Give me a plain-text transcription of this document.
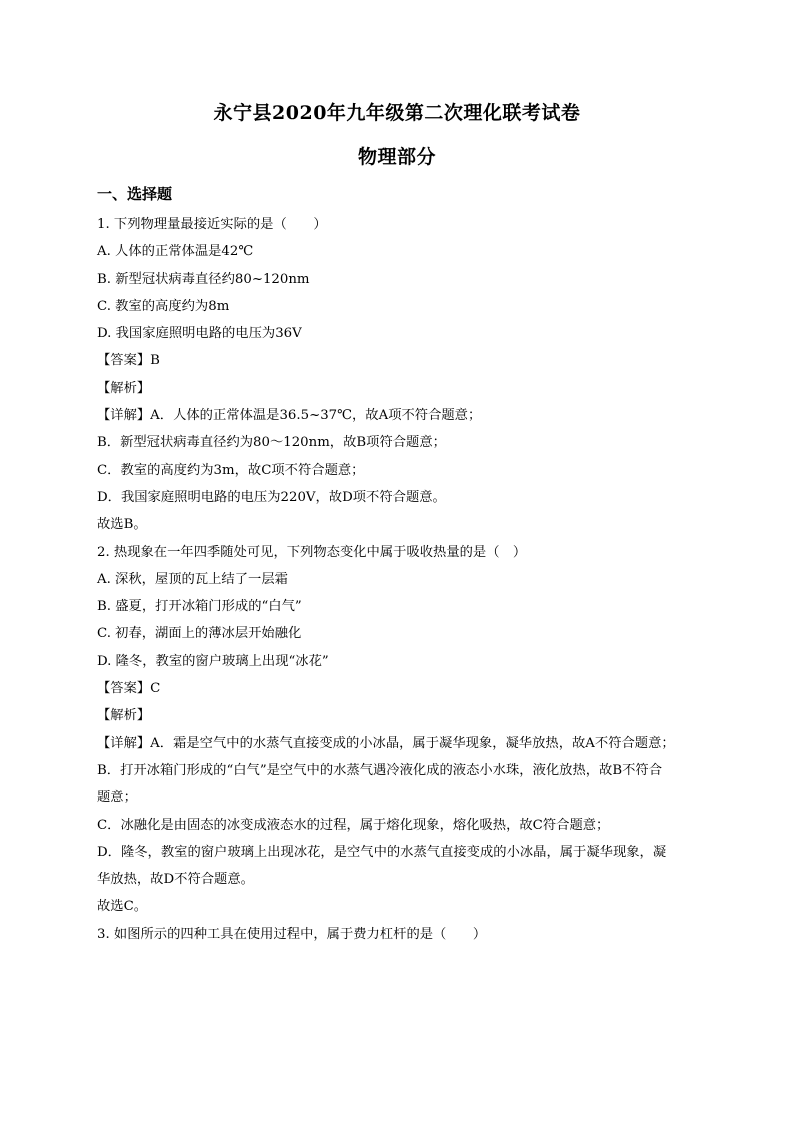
永宁县2020年九年级第二次理化联考试卷
物理部分
一、选择题
1. 下列物理量最接近实际的是（　　）
A. 人体的正常体温是42℃
B. 新型冠状病毒直径约80~120nm
C. 教室的高度约为8m
D. 我国家庭照明电路的电压为36V
【答案】B
【解析】
【详解】A．人体的正常体温是36.5~37℃，故A项不符合题意；
B．新型冠状病毒直径约为80～120nm，故B项符合题意；
C．教室的高度约为3m，故C项不符合题意；
D．我国家庭照明电路的电压为220V，故D项不符合题意。
故选B。
2. 热现象在一年四季随处可见，下列物态变化中属于吸收热量的是（　）
A. 深秋，屋顶的瓦上结了一层霜
B. 盛夏，打开冰箱门形成的“白气”
C. 初春，湖面上的薄冰层开始融化
D. 隆冬，教室的窗户玻璃上出现“冰花”
【答案】C
【解析】
【详解】A．霜是空气中的水蒸气直接变成的小冰晶，属于凝华现象，凝华放热，故A不符合题意；
B．打开冰箱门形成的“白气”是空气中的水蒸气遇冷液化成的液态小水珠，液化放热，故B不符合
题意；
C．冰融化是由固态的冰变成液态水的过程，属于熔化现象，熔化吸热，故C符合题意；
D．隆冬，教室的窗户玻璃上出现冰花，是空气中的水蒸气直接变成的小冰晶，属于凝华现象，凝
华放热，故D不符合题意。
故选C。
3. 如图所示的四种工具在使用过程中，属于费力杠杆的是（　　）
